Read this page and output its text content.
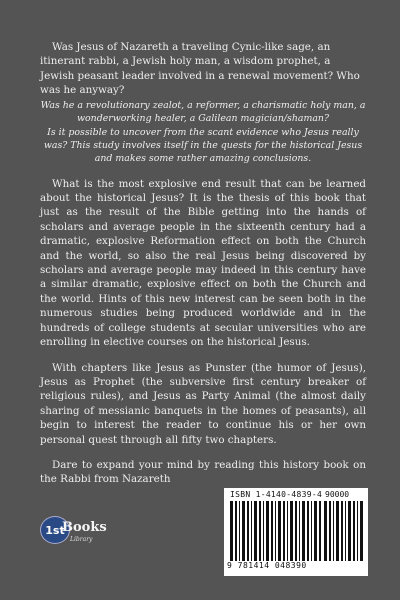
Was Jesus of Nazareth a traveling Cynic-like sage, an itinerant rabbi, a Jewish holy man, a wisdom prophet, a Jewish peasant leader involved in a renewal movement? Who was he anyway?

Was he a revolutionary zealot, a reformer, a charismatic holy man, a wonderworking healer, a Galilean magician/shaman?

Is it possible to uncover from the scant evidence who Jesus really was? This study involves itself in the quests for the historical Jesus and makes some rather amazing conclusions.

What is the most explosive end result that can be learned about the historical Jesus? It is the thesis of this book that just as the result of the Bible getting into the hands of scholars and average people in the sixteenth century had a dramatic, explosive Reformation effect on both the Church and the world, so also the real Jesus being discovered by scholars and average people may indeed in this century have a similar dramatic, explosive effect on both the Church and the world. Hints of this new interest can be seen both in the numerous studies being produced worldwide and in the hundreds of college students at secular universities who are enrolling in elective courses on the historical Jesus.

With chapters like Jesus as Punster (the humor of Jesus), Jesus as Prophet (the subversive first century breaker of religious rules), and Jesus as Party Animal (the almost daily sharing of messianic banquets in the homes of peasants), all begin to interest the reader to continue his or her own personal quest through all fifty two chapters.

Dare to expand your mind by reading this history book on the Rabbi from Nazareth

1st
Books
Library
ISBN 1-4140-4839-4 90000
9 781414 048390
